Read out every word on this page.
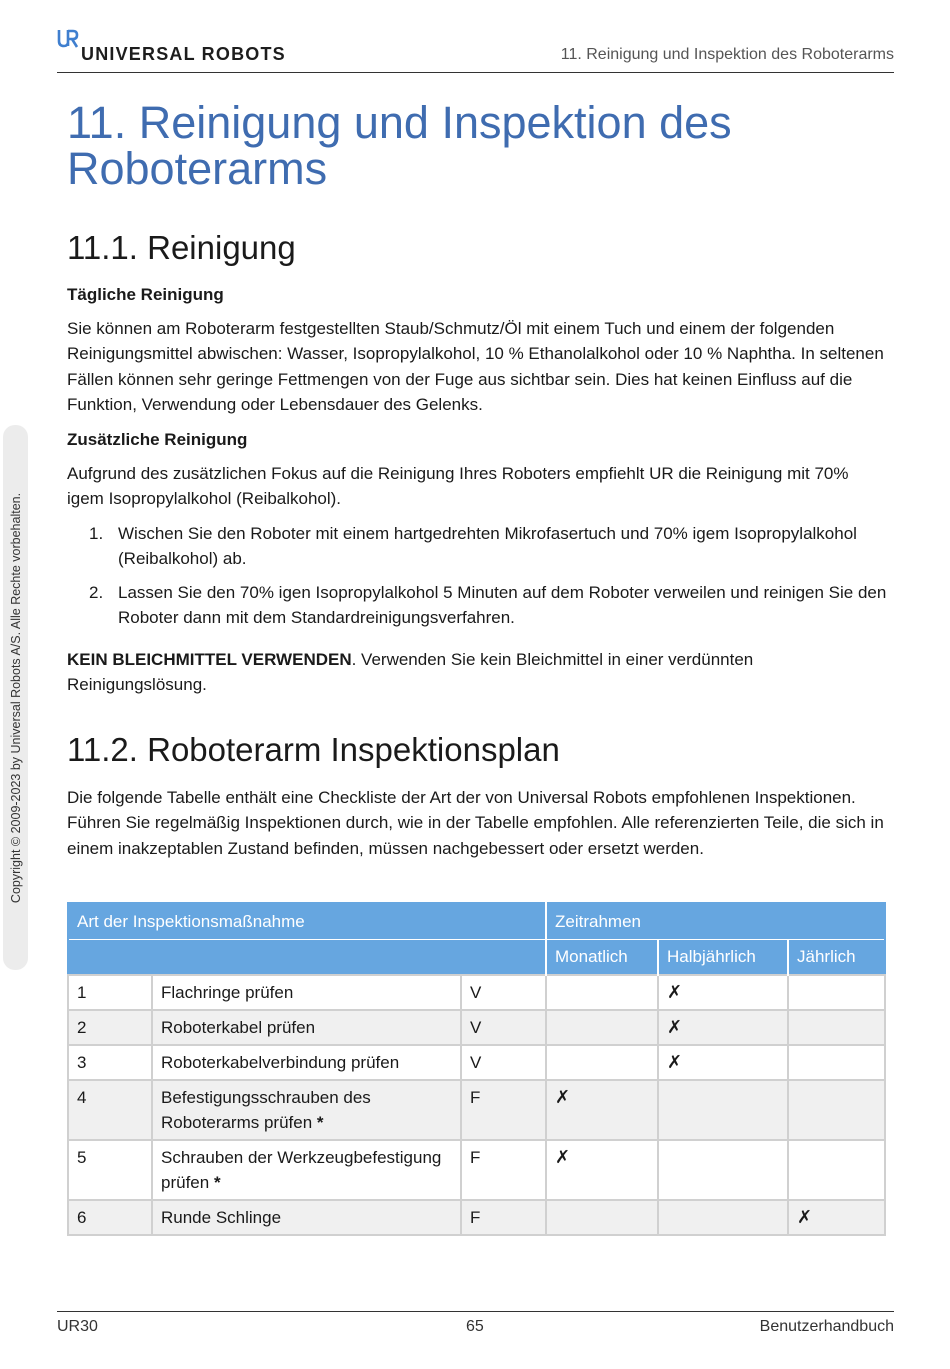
UNIVERSAL ROBOTS	11. Reinigung und Inspektion des Roboterarms
Copyright © 2009-2023 by Universal Robots A/S. Alle Rechte vorbehalten.
11. Reinigung und Inspektion des Roboterarms
11.1. Reinigung
Tägliche Reinigung

Sie können am Roboterarm festgestellten Staub/Schmutz/Öl mit einem Tuch und einem der folgenden Reinigungsmittel abwischen: Wasser, Isopropylalkohol, 10 % Ethanolalkohol oder 10 % Naphtha. In seltenen Fällen können sehr geringe Fettmengen von der Fuge aus sichtbar sein. Dies hat keinen Einfluss auf die Funktion, Verwendung oder Lebensdauer des Gelenks.

Zusätzliche Reinigung

Aufgrund des zusätzlichen Fokus auf die Reinigung Ihres Roboters empfiehlt UR die Reinigung mit 70% igem Isopropylalkohol (Reibalkohol).

1. Wischen Sie den Roboter mit einem hartgedrehten Mikrofasertuch und 70% igem Isopropylalkohol (Reibalkohol) ab.
2. Lassen Sie den 70% igen Isopropylalkohol 5 Minuten auf dem Roboter verweilen und reinigen Sie den Roboter dann mit dem Standardreinigungsverfahren.

KEIN BLEICHMITTEL VERWENDEN. Verwenden Sie kein Bleichmittel in einer verdünnten Reinigungslösung.

11.2. Roboterarm Inspektionsplan

Die folgende Tabelle enthält eine Checkliste der Art der von Universal Robots empfohlenen Inspektionen. Führen Sie regelmäßig Inspektionen durch, wie in der Tabelle empfohlen. Alle referenzierten Teile, die sich in einem inakzeptablen Zustand befinden, müssen nachgebessert oder ersetzt werden.

Art der Inspektionsmaßnahme			Zeitrahmen		
			Monatlich	Halbjährlich	Jährlich
1	Flachringe prüfen	V		✗	
2	Roboterkabel prüfen	V		✗	
3	Roboterkabelverbindung prüfen	V		✗	
4	Befestigungsschrauben des Roboterarms prüfen *	F	✗		
5	Schrauben der Werkzeugbefestigung prüfen *	F	✗		
6	Runde Schlinge	F			✗
UR30	65	Benutzerhandbuch
